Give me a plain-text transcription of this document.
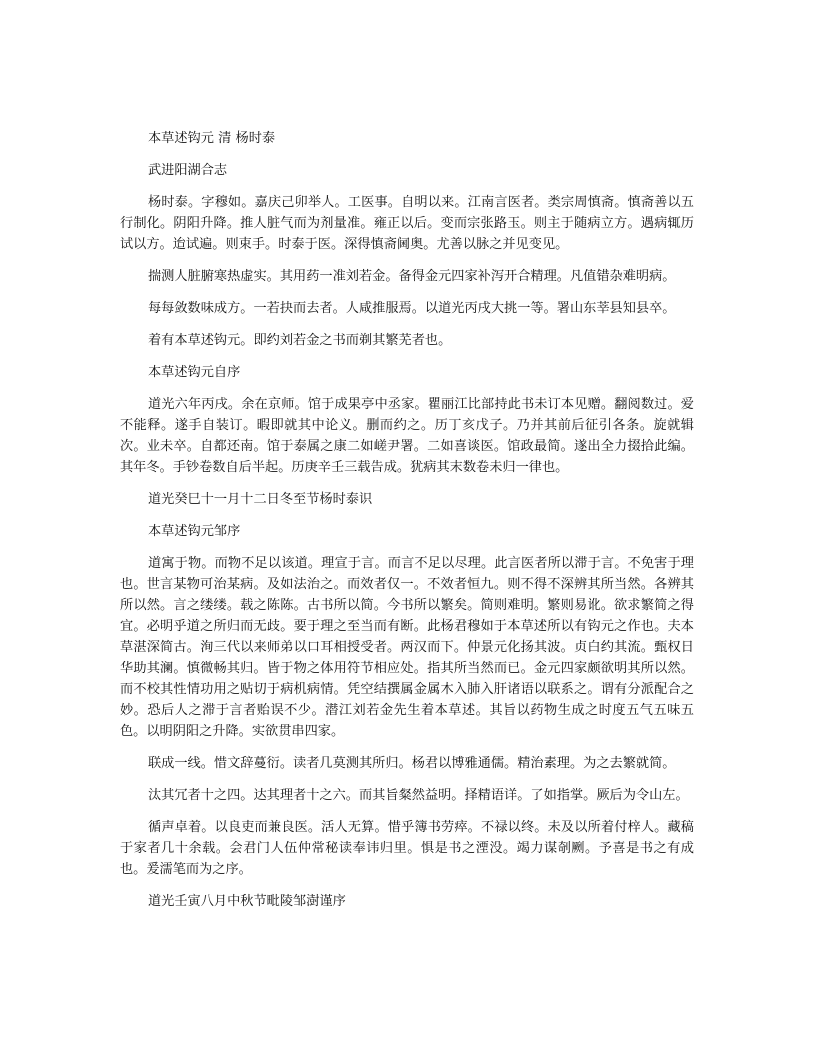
本草述钩元 清 杨时泰

武进阳湖合志

杨时泰。字穆如。嘉庆己卯举人。工医事。自明以来。江南言医者。类宗周慎斋。慎斋善以五行制化。阴阳升降。推人脏气而为剂量准。雍正以后。变而宗张路玉。则主于随病立方。遇病辄历试以方。迨试遍。则束手。时泰于医。深得慎斋阃奥。尤善以脉之并见变见。

揣测人脏腑寒热虚实。其用药一准刘若金。备得金元四家补泻开合精理。凡值错杂难明病。

每每敛数味成方。一若抉而去者。人咸推服焉。以道光丙戌大挑一等。署山东莘县知县卒。

着有本草述钩元。即约刘若金之书而剃其繁芜者也。

本草述钩元自序

道光六年丙戌。余在京师。馆于成果亭中丞家。瞿丽江比部持此书未订本见赠。翻阅数过。爱不能释。遂手自装订。暇即就其中论义。删而约之。历丁亥戊子。乃并其前后征引各条。旋就辑次。业未卒。自都还南。馆于泰属之康二如嵯尹署。二如喜谈医。馆政最简。遂出全力掇拾此编。其年冬。手钞卷数自后半起。历庚辛壬三载告成。犹病其末数卷未归一律也。

道光癸巳十一月十二日冬至节杨时泰识

本草述钩元邹序

道寓于物。而物不足以该道。理宣于言。而言不足以尽理。此言医者所以滞于言。不免害于理也。世言某物可治某病。及如法治之。而效者仅一。不效者恒九。则不得不深辨其所当然。各辨其所以然。言之缕缕。载之陈陈。古书所以简。今书所以繁矣。简则难明。繁则易讹。欲求繁简之得宜。必明乎道之所归而无歧。要于理之至当而有断。此杨君穆如于本草述所以有钩元之作也。夫本草湛深简古。洵三代以来师弟以口耳相授受者。两汉而下。仲景元化扬其波。贞白约其流。甄权日华助其澜。慎微畅其归。皆于物之体用符节相应处。指其所当然而已。金元四家颇欲明其所以然。而不校其性情功用之贴切于病机病情。凭空结撰属金属木入肺入肝诸语以联系之。谓有分派配合之妙。恐后人之滞于言者贻误不少。潜江刘若金先生着本草述。其旨以药物生成之时度五气五味五色。以明阴阳之升降。实欲贯串四家。

联成一线。惜文辞蔓衍。读者几莫测其所归。杨君以博雅通儒。精治素理。为之去繁就简。

汰其冗者十之四。达其理者十之六。而其旨粲然益明。择精语详。了如指掌。厥后为令山左。

循声卓着。以良吏而兼良医。活人无算。惜乎簿书劳瘁。不禄以终。未及以所着付梓人。藏稿于家者几十余载。会君门人伍仲常秘读奉讳归里。惧是书之湮没。竭力谋剞劂。予喜是书之有成也。爰濡笔而为之序。

道光壬寅八月中秋节毗陵邹澍谨序
